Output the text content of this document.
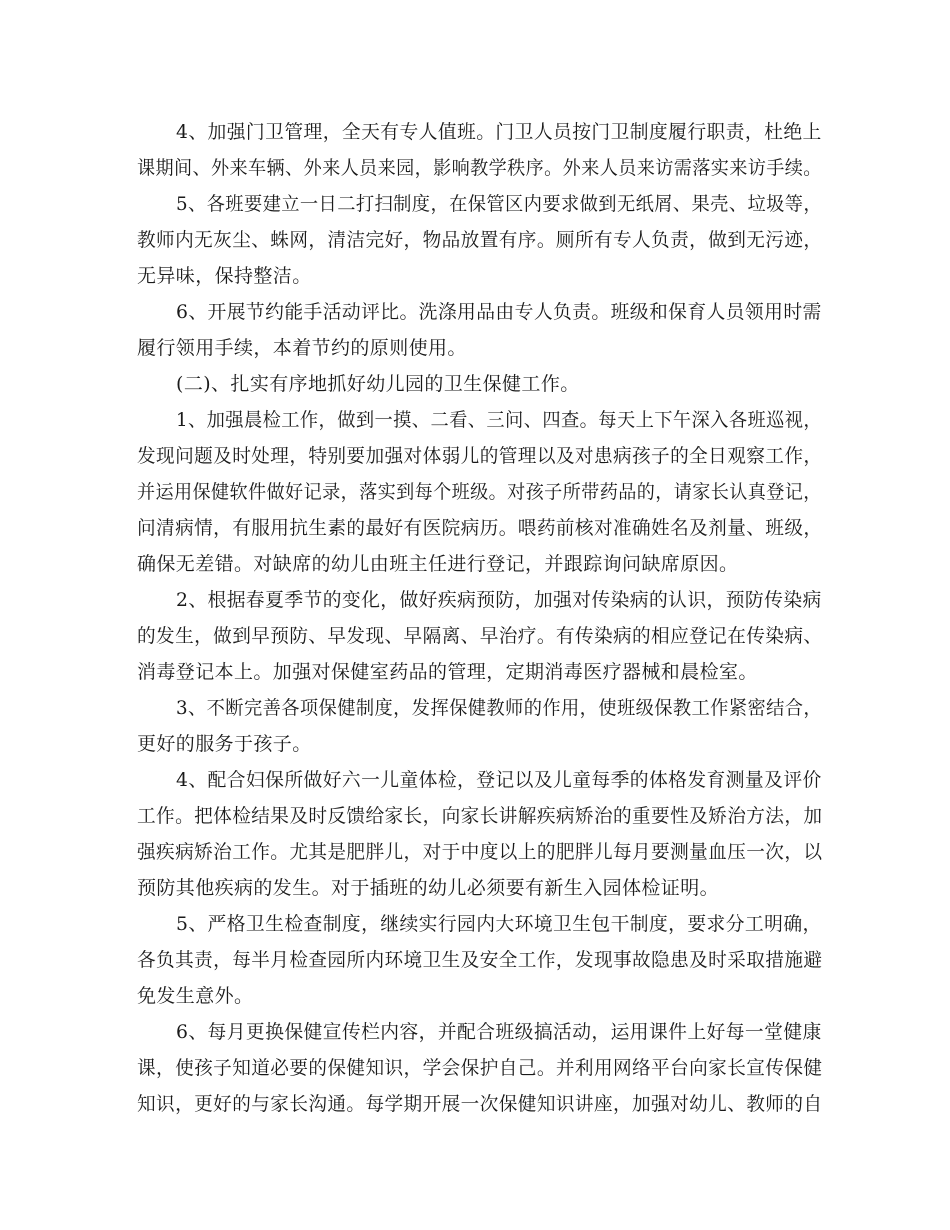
4、加强门卫管理，全天有专人值班。门卫人员按门卫制度履行职责，杜绝上
课期间、外来车辆、外来人员来园，影响教学秩序。外来人员来访需落实来访手续。
5、各班要建立一日二打扫制度，在保管区内要求做到无纸屑、果壳、垃圾等，
教师内无灰尘、蛛网，清洁完好，物品放置有序。厕所有专人负责，做到无污迹，
无异味，保持整洁。
6、开展节约能手活动评比。洗涤用品由专人负责。班级和保育人员领用时需
履行领用手续，本着节约的原则使用。
(二)、扎实有序地抓好幼儿园的卫生保健工作。
1、加强晨检工作，做到一摸、二看、三问、四查。每天上下午深入各班巡视，
发现问题及时处理，特别要加强对体弱儿的管理以及对患病孩子的全日观察工作，
并运用保健软件做好记录，落实到每个班级。对孩子所带药品的，请家长认真登记，
问清病情，有服用抗生素的最好有医院病历。喂药前核对准确姓名及剂量、班级，
确保无差错。对缺席的幼儿由班主任进行登记，并跟踪询问缺席原因。
2、根据春夏季节的变化，做好疾病预防，加强对传染病的认识，预防传染病
的发生，做到早预防、早发现、早隔离、早治疗。有传染病的相应登记在传染病、
消毒登记本上。加强对保健室药品的管理，定期消毒医疗器械和晨检室。
3、不断完善各项保健制度，发挥保健教师的作用，使班级保教工作紧密结合，
更好的服务于孩子。
4、配合妇保所做好六一儿童体检，登记以及儿童每季的体格发育测量及评价
工作。把体检结果及时反馈给家长，向家长讲解疾病矫治的重要性及矫治方法，加
强疾病矫治工作。尤其是肥胖儿，对于中度以上的肥胖儿每月要测量血压一次，以
预防其他疾病的发生。对于插班的幼儿必须要有新生入园体检证明。
5、严格卫生检查制度，继续实行园内大环境卫生包干制度，要求分工明确，
各负其责，每半月检查园所内环境卫生及安全工作，发现事故隐患及时采取措施避
免发生意外。
6、每月更换保健宣传栏内容，并配合班级搞活动，运用课件上好每一堂健康
课，使孩子知道必要的保健知识，学会保护自己。并利用网络平台向家长宣传保健
知识，更好的与家长沟通。每学期开展一次保健知识讲座，加强对幼儿、教师的自
